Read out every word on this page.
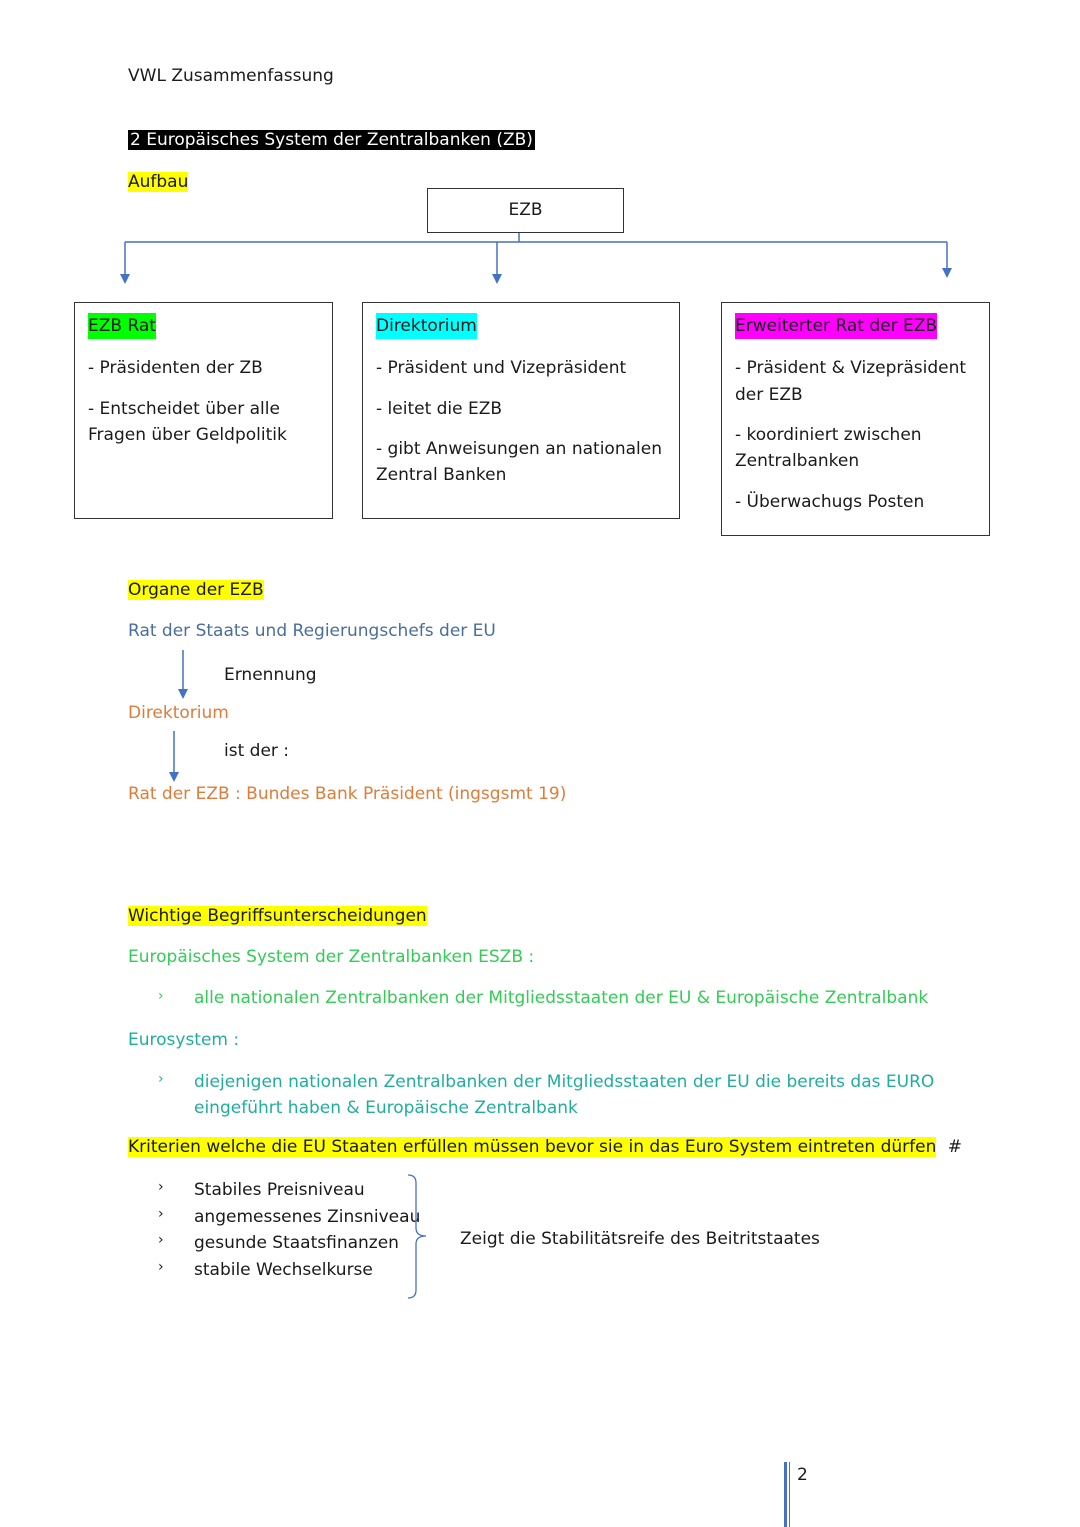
VWL Zusammenfassung
2 Europäisches System der Zentralbanken (ZB)
Aufbau
EZB
EZB Rat

- Präsidenten der ZB

- Entscheidet über alle Fragen über Geldpolitik

Direktorium

- Präsident und Vizepräsident

- leitet die EZB

- gibt Anweisungen an nationalen Zentral Banken

Erweiterter Rat der EZB

- Präsident & Vizepräsident der EZB

- koordiniert zwischen Zentralbanken

- Überwachugs Posten

Organe der EZB
Rat der Staats und Regierungschefs der EU
Ernennung
Direktorium
ist der :
Rat der EZB : Bundes Bank Präsident (ingsgsmt 19)
Wichtige Begriffsunterscheidungen
Europäisches System der Zentralbanken ESZB :
› alle nationalen Zentralbanken der Mitgliedsstaaten der EU & Europäische Zentralbank
Eurosystem :
› diejenigen nationalen Zentralbanken der Mitgliedsstaaten der EU die bereits das EURO
eingeführt haben & Europäische Zentralbank
Kriterien welche die EU Staaten erfüllen müssen bevor sie in das Euro System eintreten dürfen #
› Stabiles Preisniveau
› angemessenes Zinsniveau
› gesunde Staatsfinanzen
› stabile Wechselkurse
Zeigt die Stabilitätsreife des Beitritstaates
2
